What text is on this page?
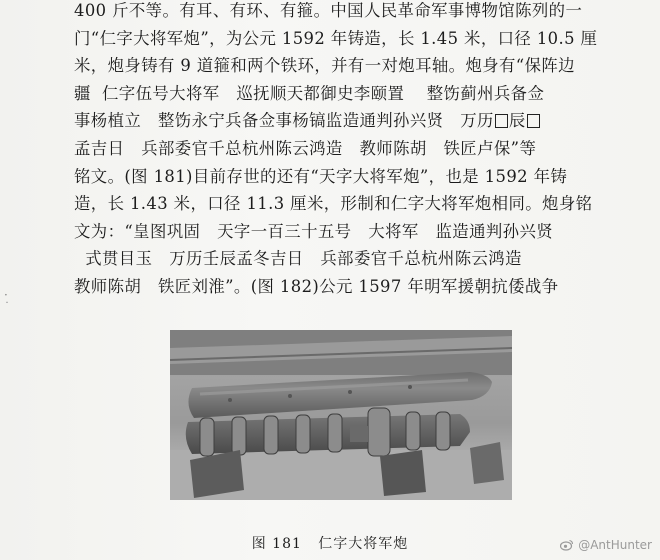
400 斤不等。有耳、有环、有箍。中国人民革命军事博物馆陈列的一
门“仁字大将军炮”，为公元 1592 年铸造，长 1.45 米，口径 10.5 厘
米，炮身铸有 9 道箍和两个铁环，并有一对炮耳轴。炮身有“保阵边
疆  仁字伍号大将军   巡抚顺天都御史李颐置    整饬蓟州兵备佥
事杨植立   整饬永宁兵备佥事杨镐监造通判孙兴贤   万历 辰
孟吉日   兵部委官千总杭州陈云鸿造   教师陈胡   铁匠卢保”等
铭文。(图 181)目前存世的还有“天字大将军炮”，也是 1592 年铸
造，长 1.43 米，口径 11.3 厘米，形制和仁字大将军炮相同。炮身铭
文为：“皇图巩固   天字一百三十五号   大将军   监造通判孙兴贤
式贯目玉   万历壬辰孟冬吉日   兵部委官千总杭州陈云鸿造
教师陈胡   铁匠刘淮”。(图 182)公元 1597 年明军援朝抗倭战争
·
˙
图 181   仁字大将军炮	@AntHunter
